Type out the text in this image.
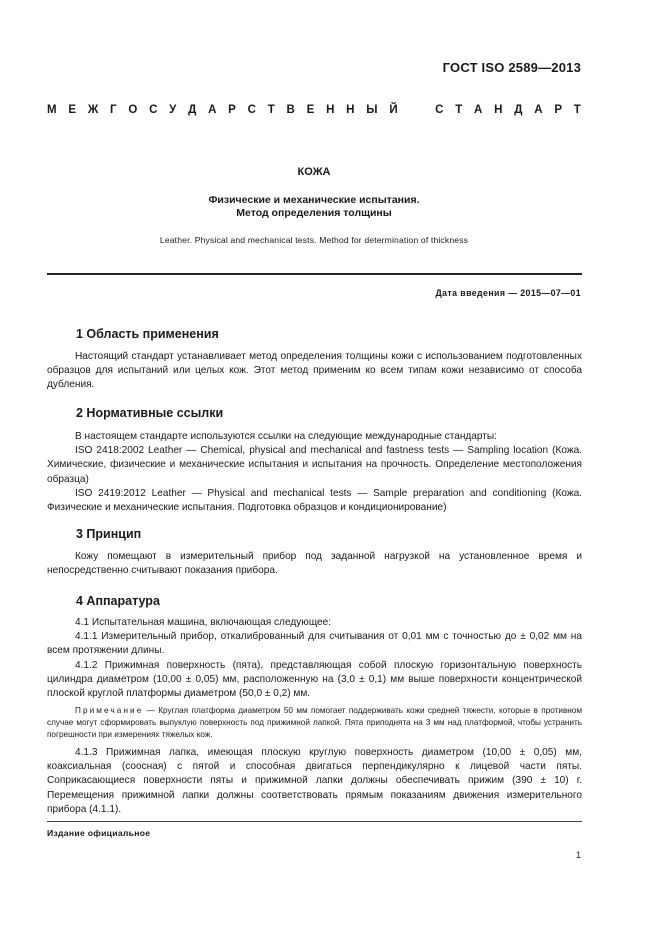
ГОСТ ISO 2589—2013
М Е Ж Г О С У Д А Р С Т В Е Н Н Ы Й	С Т А Н Д А Р Т
КОЖА
Физические и механические испытания.
Метод определения толщины
Leather. Physical and mechanical tests. Method for determination of thickness
Дата введения — 2015—07—01
1 Область применения

Настоящий стандарт устанавливает метод определения толщины кожи с использованием подготовленных образцов для испытаний или целых кож. Этот метод применим ко всем типам кожи независимо от способа дубления.

2 Нормативные ссылки

В настоящем стандарте используются ссылки на следующие международные стандарты:

ISO 2418:2002 Leather — Chemical, physical and mechanical and fastness tests — Sampling location (Кожа. Химические, физические и механические испытания и испытания на прочность. Определение местоположения образца)

ISO 2419:2012 Leather — Physical and mechanical tests — Sample preparation and conditioning (Кожа. Физические и механические испытания. Подготовка образцов и кондиционирование)

3 Принцип

Кожу помещают в измерительный прибор под заданной нагрузкой на установленное время и непосредственно считывают показания прибора.

4 Аппаратура

4.1 Испытательная машина, включающая следующее:

4.1.1 Измерительный прибор, откалиброванный для считывания от 0,01 мм с точностью до ± 0,02 мм на всем протяжении длины.

4.1.2 Прижимная поверхность (пята), представляющая собой плоскую горизонтальную поверхность цилиндра диаметром (10,00 ± 0,05) мм, расположенную на (3,0 ± 0,1) мм выше поверхности концентрической плоской круглой платформы диаметром (50,0 ± 0,2) мм.

Примечание — Круглая платформа диаметром 50 мм помогает поддерживать кожи средней тяжести, которые в противном случае могут сформировать выпуклую поверхность под прижимной лапкой. Пята приподнята на 3 мм над платформой, чтобы устранить погрешности при измерениях тяжелых кож.

4.1.3 Прижимная лапка, имеющая плоскую круглую поверхность диаметром (10,00 ± 0,05) мм, коаксиальная (соосная) с пятой и способная двигаться перпендикулярно к лицевой части пяты. Соприкасающиеся поверхности пяты и прижимной лапки должны обеспечивать прижим (390 ± 10) г. Перемещения прижимной лапки должны соответствовать прямым показаниям движения измерительного прибора (4.1.1).

Издание официальное
1
